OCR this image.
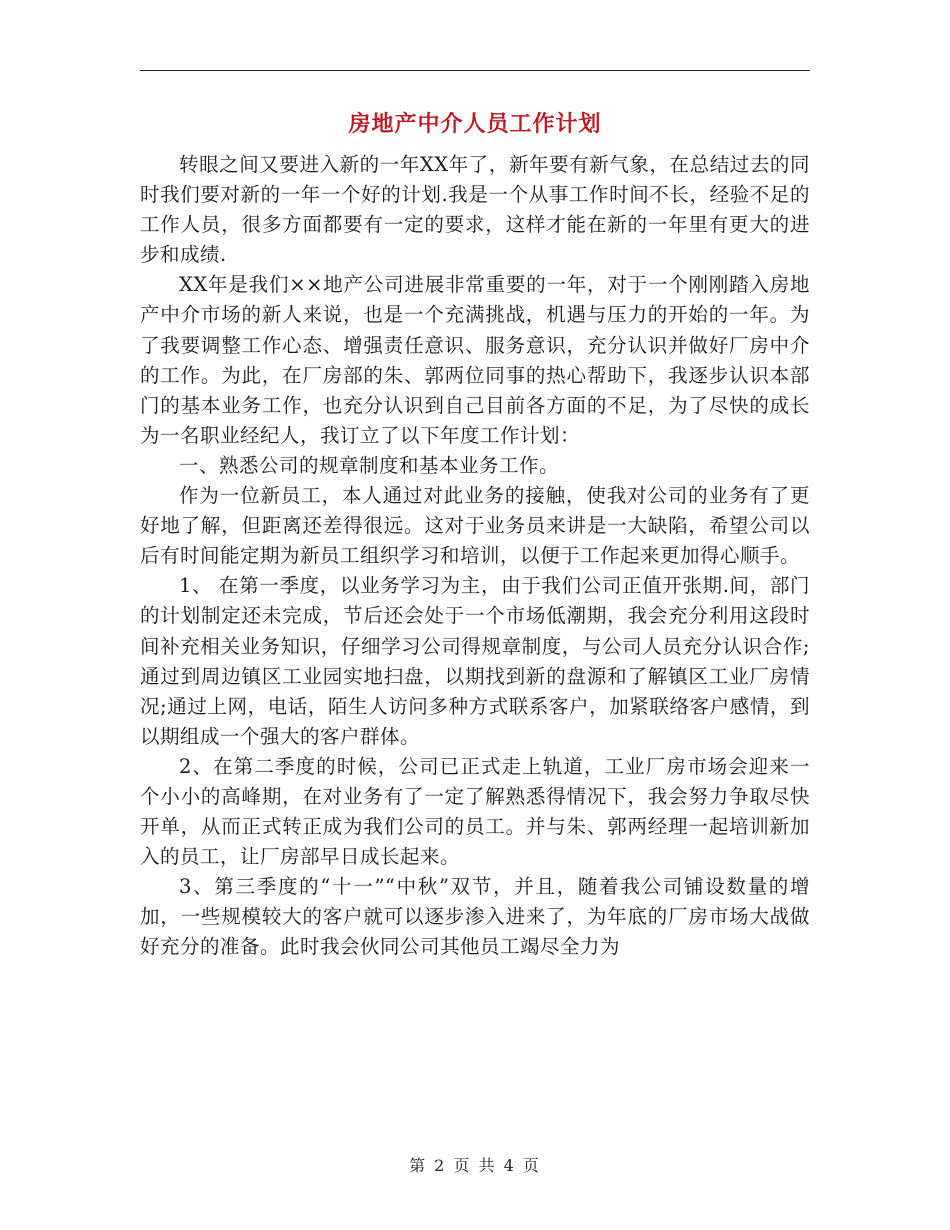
房地产中介人员工作计划

转眼之间又要进入新的一年XX年了，新年要有新气象，在总结过去的同时我们要对新的一年一个好的计划.我是一个从事工作时间不长，经验不足的工作人员，很多方面都要有一定的要求，这样才能在新的一年里有更大的进步和成绩.

XX年是我们××地产公司进展非常重要的一年，对于一个刚刚踏入房地产中介市场的新人来说，也是一个充满挑战，机遇与压力的开始的一年。为了我要调整工作心态、增强责任意识、服务意识，充分认识并做好厂房中介的工作。为此，在厂房部的朱、郭两位同事的热心帮助下，我逐步认识本部门的基本业务工作，也充分认识到自己目前各方面的不足，为了尽快的成长为一名职业经纪人，我订立了以下年度工作计划：

一、熟悉公司的规章制度和基本业务工作。

作为一位新员工，本人通过对此业务的接触，使我对公司的业务有了更好地了解，但距离还差得很远。这对于业务员来讲是一大缺陷，希望公司以后有时间能定期为新员工组织学习和培训，以便于工作起来更加得心顺手。

1、 在第一季度，以业务学习为主，由于我们公司正值开张期.间，部门的计划制定还未完成，节后还会处于一个市场低潮期，我会充分利用这段时间补充相关业务知识，仔细学习公司得规章制度，与公司人员充分认识合作;通过到周边镇区工业园实地扫盘，以期找到新的盘源和了解镇区工业厂房情况;通过上网，电话，陌生人访问多种方式联系客户，加紧联络客户感情，到以期组成一个强大的客户群体。

2、在第二季度的时候，公司已正式走上轨道，工业厂房市场会迎来一个小小的高峰期，在对业务有了一定了解熟悉得情况下，我会努力争取尽快开单，从而正式转正成为我们公司的员工。并与朱、郭两经理一起培训新加入的员工，让厂房部早日成长起来。

3、第三季度的“十一”“中秋”双节，并且，随着我公司铺设数量的增加，一些规模较大的客户就可以逐步渗入进来了，为年底的厂房市场大战做好充分的准备。此时我会伙同公司其他员工竭尽全力为

第 2 页 共 4 页
